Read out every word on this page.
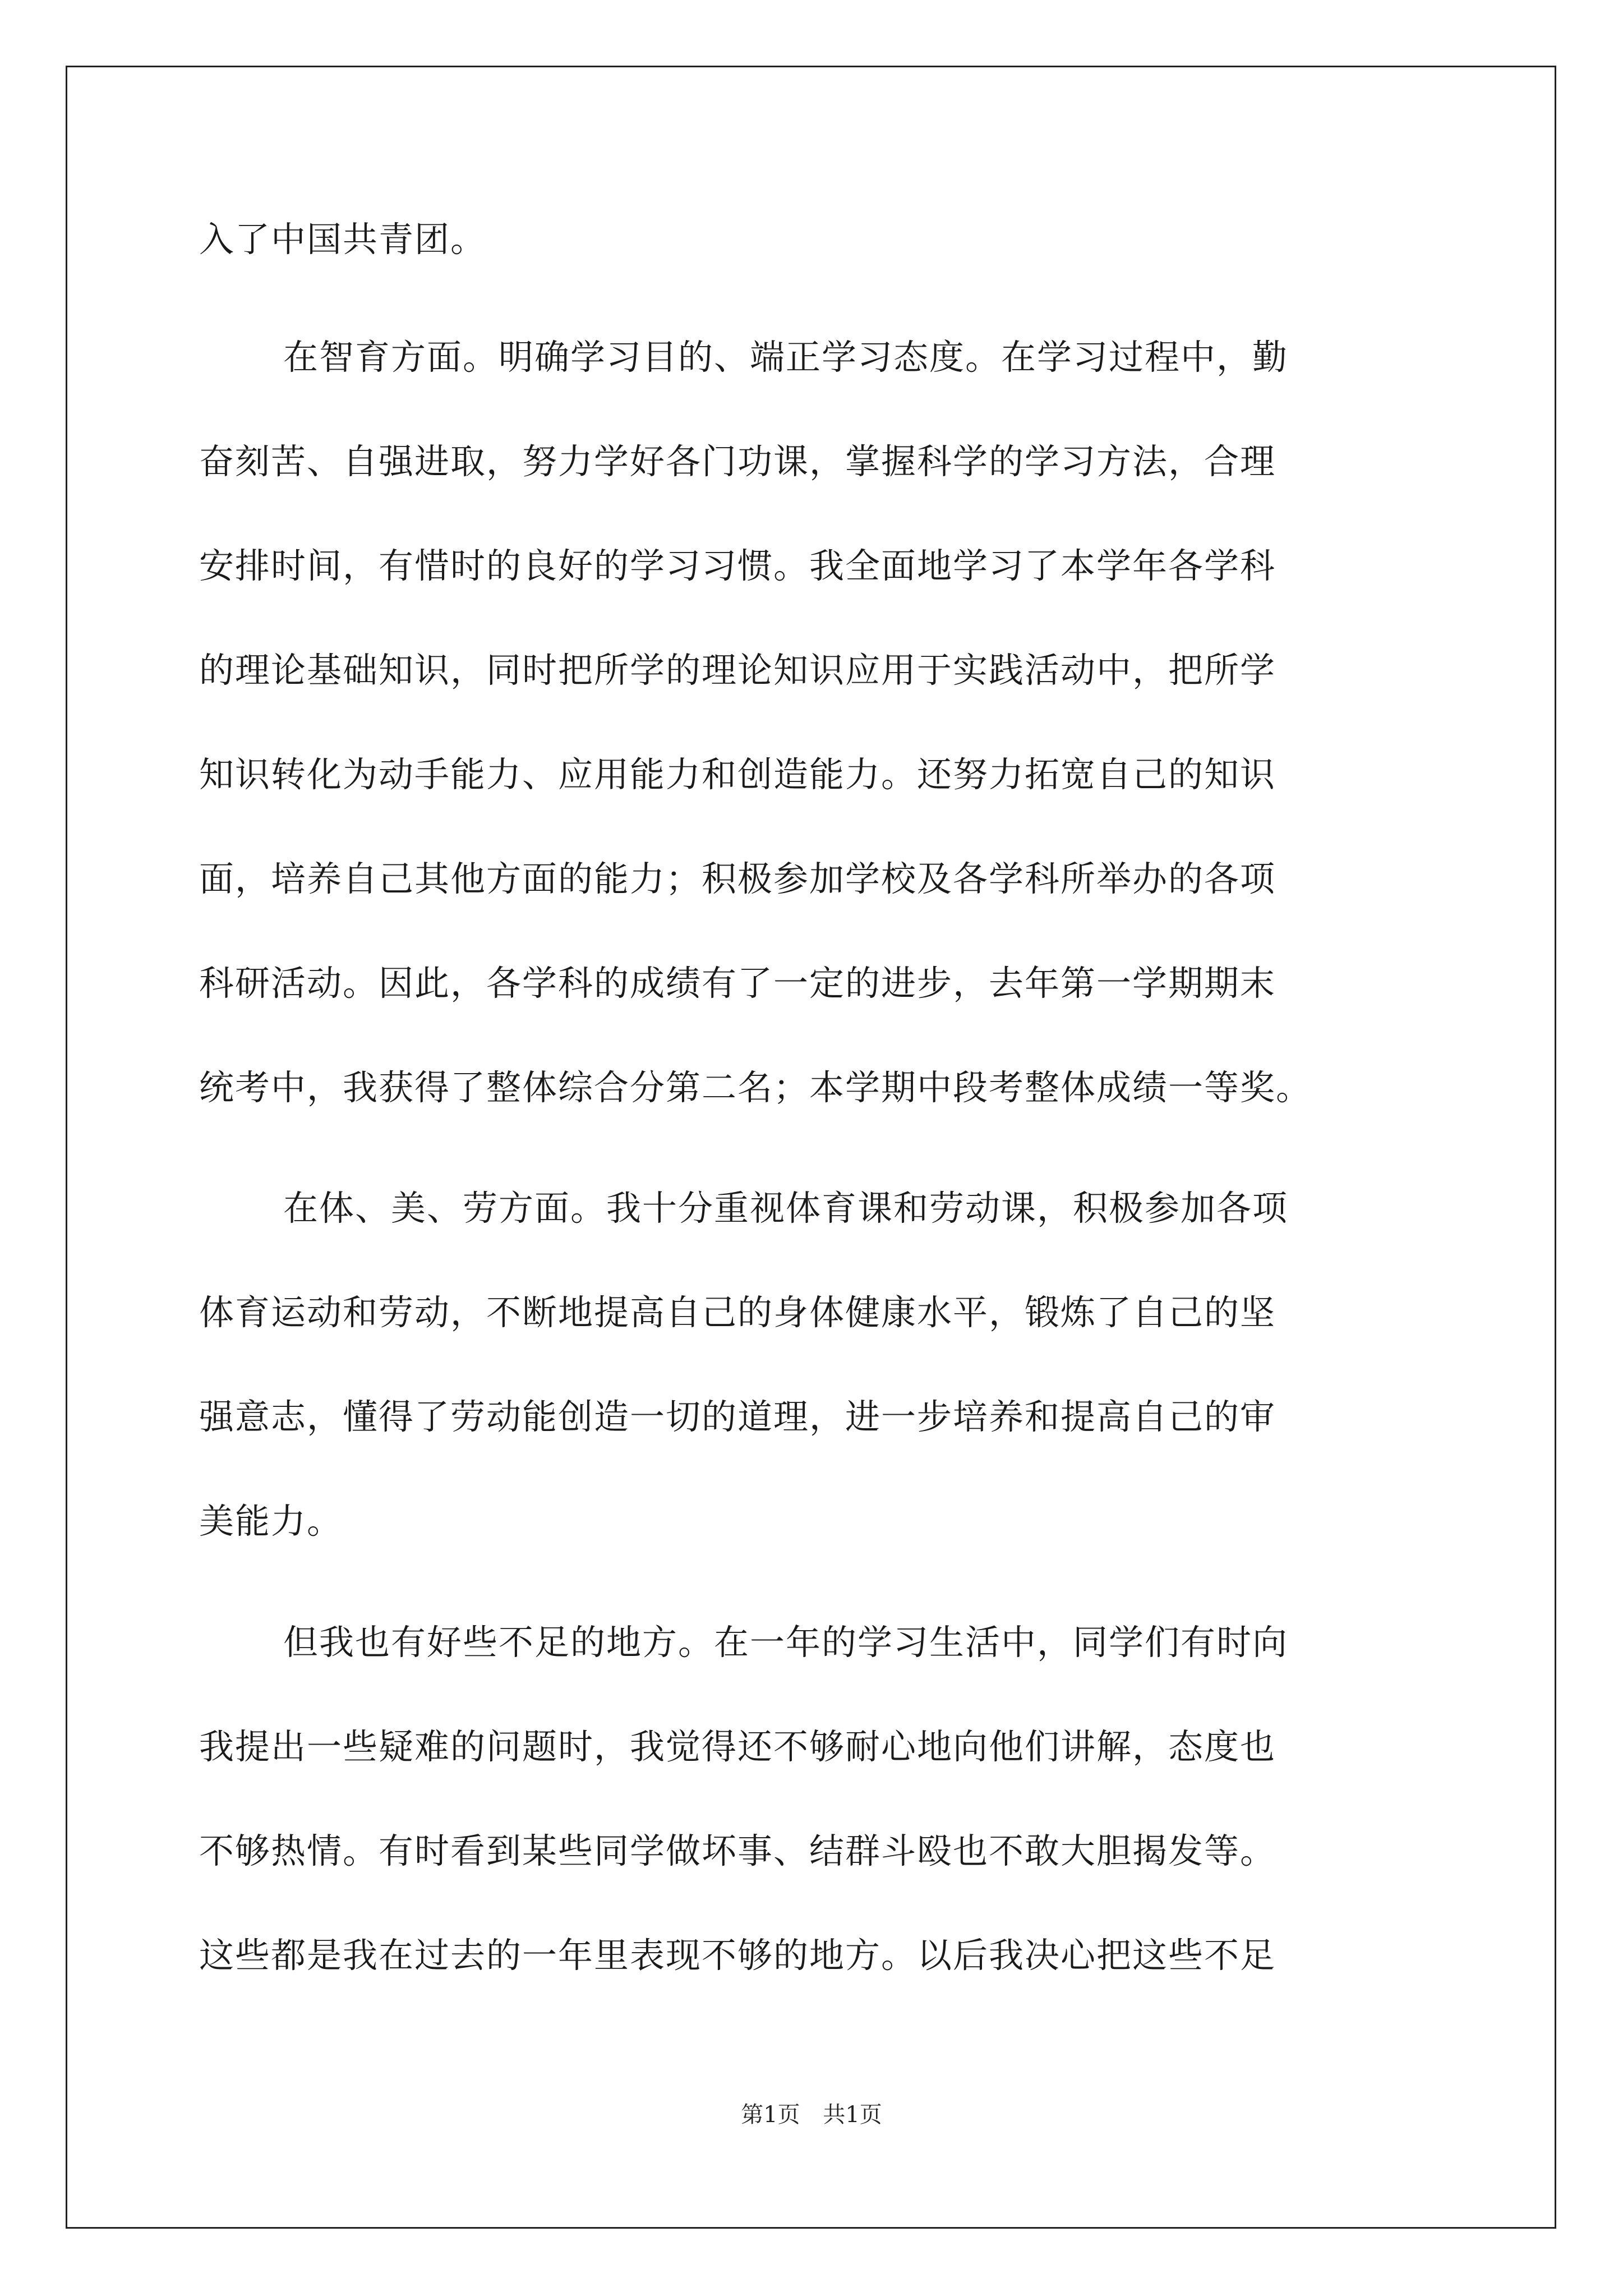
入了中国共青团。
在智育方面。明确学习目的、端正学习态度。在学习过程中，勤
奋刻苦、自强进取，努力学好各门功课，掌握科学的学习方法，合理
安排时间，有惜时的良好的学习习惯。我全面地学习了本学年各学科
的理论基础知识，同时把所学的理论知识应用于实践活动中，把所学
知识转化为动手能力、应用能力和创造能力。还努力拓宽自己的知识
面，培养自己其他方面的能力；积极参加学校及各学科所举办的各项
科研活动。因此，各学科的成绩有了一定的进步，去年第一学期期末
统考中，我获得了整体综合分第二名；本学期中段考整体成绩一等奖。
在体、美、劳方面。我十分重视体育课和劳动课，积极参加各项
体育运动和劳动，不断地提高自己的身体健康水平，锻炼了自己的坚
强意志，懂得了劳动能创造一切的道理，进一步培养和提高自己的审
美能力。
但我也有好些不足的地方。在一年的学习生活中，同学们有时向
我提出一些疑难的问题时，我觉得还不够耐心地向他们讲解，态度也
不够热情。有时看到某些同学做坏事、结群斗殴也不敢大胆揭发等。
这些都是我在过去的一年里表现不够的地方。以后我决心把这些不足
第1页 共1页
